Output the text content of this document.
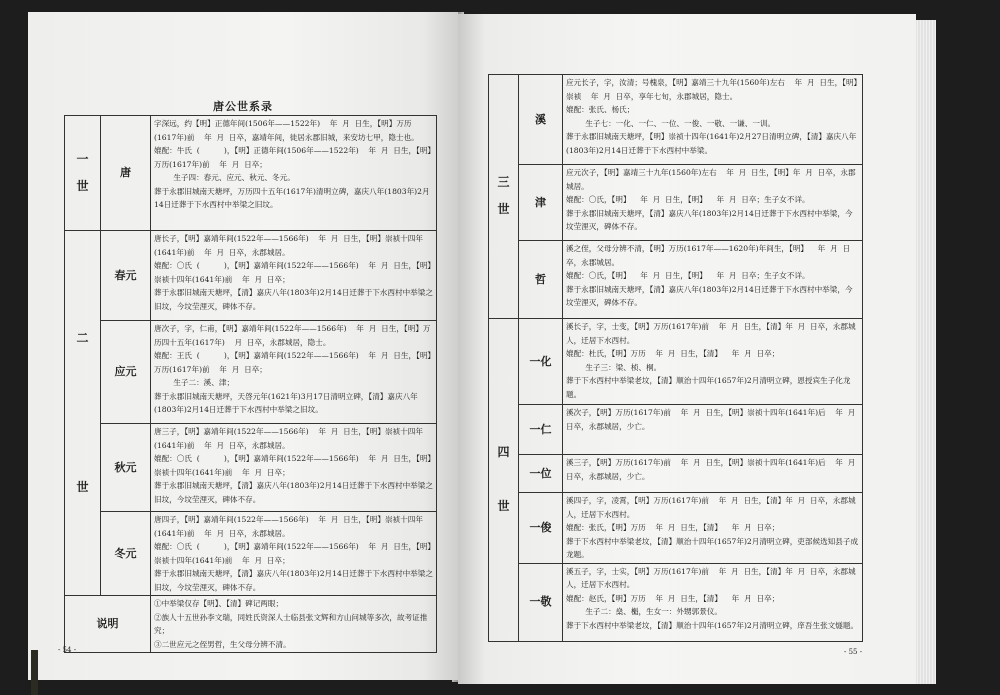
唐公世系录
一

世	唐	字深远，约【明】正德年间(1506年——1522年)    年  月  日生，【明】万历(1617年)前    年  月  日卒，嘉靖年间，徙居永郡旧城，来安坊七甲，隐士也。
媲配：牛氏  (          )，【明】正德年间(1506年——1522年)    年  月  日生，【明】万历(1617年)前    年  月  日卒；
生子四：春元、应元、秋元、冬元。
葬于永郡旧城南天塘坪，万历四十五年(1617年)清明立碑，嘉庆八年(1803年)2月14日迁葬于下水西村中举梁之旧坟。

二

世	春元	唐长子，【明】嘉靖年间(1522年——1566年)    年  月  日生，【明】崇祯十四年(1641年)前    年  月  日卒，永郡城居。
媲配：〇氏  (          )，【明】嘉靖年间(1522年——1566年)    年  月  日生，【明】崇祯十四年(1641年)前    年  月  日卒；
葬于永郡旧城南天塘坪，【清】嘉庆八年(1803年)2月14日迁葬于下水西村中举梁之旧坟，今坟茔浬灭，碑体不存。

	应元	唐次子，字，仁甫，【明】嘉靖年间(1522年——1566年)    年  月  日生，【明】万历四十五年(1617年)    月  日卒，永郡城居，隐士。
媲配：王氏  (          )，【明】嘉靖年间(1522年——1566年)    年  月  日生，【明】万历(1617年)前    年  月  日卒；
生子二：溪、津；
葬于永郡旧城南天塘坪，天啓元年(1621年)3月17日清明立碑，【清】嘉庆八年(1803年)2月14日迁葬于下水西村中举梁之旧坟。

	秋元	唐三子，【明】嘉靖年间(1522年——1566年)    年  月  日生，【明】崇祯十四年(1641年)前    年  月  日卒，永郡城居。
媲配：〇氏  (          )，【明】嘉靖年间(1522年——1566年)    年  月  日生，【明】崇祯十四年(1641年)前    年  月  日卒；
葬于永郡旧城南天塘坪，【清】嘉庆八年(1803年)2月14日迁葬于下水西村中举梁之旧坟，今坟茔浬灭，碑体不存。

	冬元	唐四子，【明】嘉靖年间(1522年——1566年)    年  月  日生，【明】崇祯十四年(1641年)前    年  月  日卒，永郡城居。
媲配：〇氏  (          )，【明】嘉靖年间(1522年——1566年)    年  月  日生，【明】崇祯十四年(1641年)前    年  月  日卒；
葬于永郡旧城南天塘坪，【清】嘉庆八年(1803年)2月14日迁葬于下水西村中举梁之旧坟，今坟茔浬灭，碑体不存。

说明		①中举梁仅存【明】、【清】碑记两眼；
②族人十五世孙李文瑞，同姓氏资深人士临县张文辉和方山问城等多次，故考证推究；
③二世应元之侄男哲，生父母分辨不清。
- 54 -
三

世	溪	应元长子，字，汝清；号槐泉，【明】嘉靖三十九年(1560年)左右    年  月  日生，【明】崇祯    年  月  日卒，享年七旬，永郡城居，隐士。
媲配：张氏、杨氏；
生子七：一化、一仁、一位、一俊、一敬、一谦、一训。
葬于永郡旧城南天塘坪，【明】崇祯十四年(1641年)2月27日清明立碑，【清】嘉庆八年(1803年)2月14日迁葬于下水西村中举梁。

	津	应元次子，【明】嘉靖三十九年(1560年)左右    年  月  日生，【明】年  月  日卒，永郡城居。
媲配：〇氏，【明】    年  月  日生，【明】    年  月  日卒；生子女不详。
葬于永郡旧城南天塘坪，【清】嘉庆八年(1803年)2月14日迁葬于下水西村中举梁，今坟茔浬灭，碑体不存。

	哲	溪之侄，父母分辨不清，【明】万历(1617年——1620年)年间生，【明】    年  月  日卒，永郡城居。
媲配：〇氏，【明】    年  月  日生，【明】    年  月  日卒；生子女不详。
葬于永郡旧城南天塘坪，【清】嘉庆八年(1803年)2月14日迁葬于下水西村中举梁，今坟茔浬灭，碑体不存。

四

世	一化	溪长子，字，士变，【明】万历(1617年)前    年  月  日生，【清】年  月  日卒，永郡城人，迁居下水西村。
媲配：杜氏，【明】万历    年  月  日生，【清】    年  月  日卒；
生子三：梁、桢、桐。
葬于下水西村中举梁老坟，【清】顺治十四年(1657年)2月清明立碑，恩授宾生子化龙题。

	一仁	溪次子，【明】万历(1617年)前    年  月  日生，【明】崇祯十四年(1641年)后    年  月  日卒，永郡城居，少亡。

	一位	溪三子，【明】万历(1617年)前    年  月  日生，【明】崇祯十四年(1641年)后    年  月  日卒，永郡城居，少亡。

	一俊	溪四子，字，凌霄，【明】万历(1617年)前    年  月  日生，【清】年  月  日卒，永郡城人，迁居下水西村。
媲配：张氏，【明】万历    年  月  日生，【清】    年  月  日卒；
葬于下水西村中举梁老坟，【清】顺治十四年(1657年)2月清明立碑，吏部候选知县子成龙题。

	一敬	溪五子，字，士实，【明】万历(1617年)前    年  月  日生，【清】年  月  日卒，永郡城人，迁居下水西村。
媲配：赵氏，【明】万历    年  月  日生，【清】    年  月  日卒；
生子二：燊、櫆，生女一：外甥郭景仪。
葬于下水西村中举梁老坟，【清】顺治十四年(1657年)2月清明立碑，庠吾生张文燧题。
- 55 -
